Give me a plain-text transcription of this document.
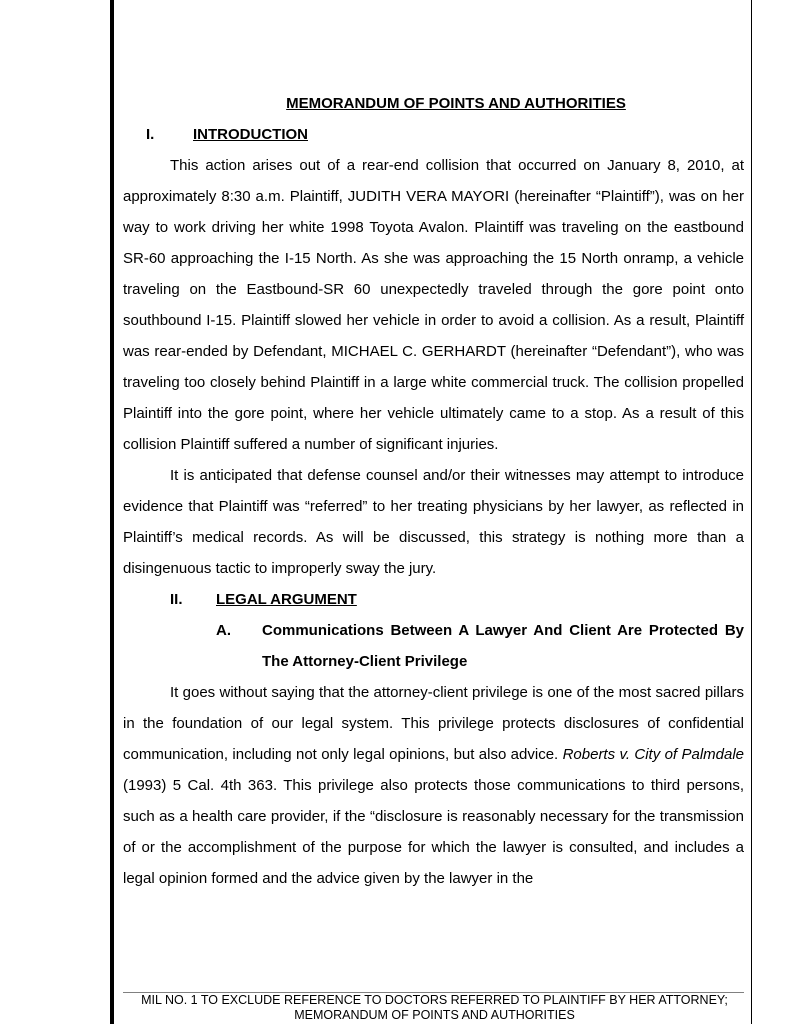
MEMORANDUM OF POINTS AND AUTHORITIES
I.	INTRODUCTION

This action arises out of a rear-end collision that occurred on January 8, 2010, at approximately 8:30 a.m. Plaintiff, JUDITH VERA MAYORI (hereinafter “Plaintiff”), was on her way to work driving her white 1998 Toyota Avalon. Plaintiff was traveling on the eastbound SR-60 approaching the I-15 North. As she was approaching the 15 North onramp, a vehicle traveling on the Eastbound-SR 60 unexpectedly traveled through the gore point onto southbound I-15. Plaintiff slowed her vehicle in order to avoid a collision. As a result, Plaintiff was rear-ended by Defendant, MICHAEL C. GERHARDT (hereinafter “Defendant”), who was traveling too closely behind Plaintiff in a large white commercial truck. The collision propelled Plaintiff into the gore point, where her vehicle ultimately came to a stop. As a result of this collision Plaintiff suffered a number of significant injuries.

It is anticipated that defense counsel and/or their witnesses may attempt to introduce evidence that Plaintiff was “referred” to her treating physicians by her lawyer, as reflected in Plaintiff’s medical records. As will be discussed, this strategy is nothing more than a disingenuous tactic to improperly sway the jury.

II.	LEGAL ARGUMENT
A.	Communications Between A Lawyer And Client Are Protected By The Attorney-Client Privilege

It goes without saying that the attorney-client privilege is one of the most sacred pillars in the foundation of our legal system. This privilege protects disclosures of confidential communication, including not only legal opinions, but also advice. Roberts v. City of Palmdale (1993) 5 Cal. 4th 363. This privilege also protects those communications to third persons, such as a health care provider, if the “disclosure is reasonably necessary for the transmission of or the accomplishment of the purpose for which the lawyer is consulted, and includes a legal opinion formed and the advice given by the lawyer in the

MIL NO. 1 TO EXCLUDE REFERENCE TO DOCTORS REFERRED TO PLAINTIFF BY HER ATTORNEY;
MEMORANDUM OF POINTS AND AUTHORITIES
